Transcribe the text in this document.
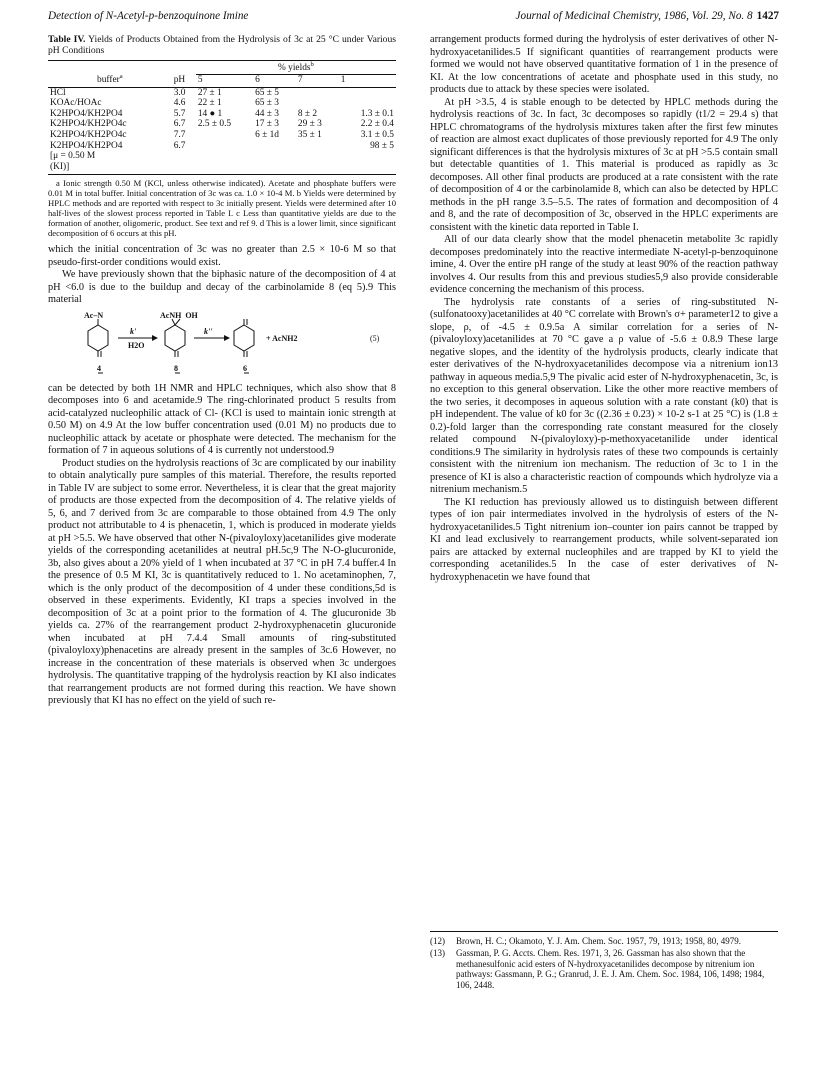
Detection of N-Acetyl-p-benzoquinone Imine	Journal of Medicinal Chemistry, 1986, Vol. 29, No. 8 1427
Table IV. Yields of Products Obtained from the Hydrolysis of 3c at 25 °C under Various pH Conditions

		% yields$^b$
buffer$^a$	pH	5	6	7	1
HCl	3.0	27 ± 1	65 ± 5		
KOAc/HOAc	4.6	22 ± 1	65 ± 3		
K2HPO4/KH2PO4	5.7	14 ● 1	44 ± 3	8 ± 2	1.3 ± 0.1
K2HPO4/KH2PO4c	6.7	2.5 ± 0.5	17 ± 3	29 ± 3	2.2 ± 0.4
K2HPO4/KH2PO4c	7.7		6 ± 1d	35 ± 1	3.1 ± 0.5
K2HPO4/KH2PO4	6.7				98 ± 5
[μ = 0.50 M					
(KI)]					
a Ionic strength 0.50 M (KCl, unless otherwise indicated). Acetate and phosphate buffers were 0.01 M in total buffer. Initial concentration of 3c was ca. 1.0 × 10-4 M. b Yields were determined by HPLC methods and are reported with respect to 3c initially present. Yields were determined after 10 half-lives of the slowest process reported in Table I. c Less than quantitative yields are due to the formation of another, oligomeric, product. See text and ref 9. d This is a lower limit, since significant decomposition of 6 occurs at this pH.

which the initial concentration of 3c was no greater than 2.5 × 10-6 M so that pseudo-first-order conditions would exist.

We have previously shown that the biphasic nature of the decomposition of 4 at pH <6.0 is due to the buildup and decay of the carbinolamide 8 (eq 5).9 This material

Ac–N	AcNH  OH
k'
H2O
k''
+ AcNH2	(5)
4	8	6

can be detected by both 1H NMR and HPLC techniques, which also show that 8 decomposes into 6 and acetamide.9 The ring-chlorinated product 5 results from acid-catalyzed nucleophilic attack of Cl- (KCl is used to maintain ionic strength at 0.50 M) on 4.9 At the low buffer concentration used (0.01 M) no products due to nucleophilic attack by acetate or phosphate were detected. The mechanism for the formation of 7 in aqueous solutions of 4 is currently not understood.9

Product studies on the hydrolysis reactions of 3c are complicated by our inability to obtain analytically pure samples of this material. Therefore, the results reported in Table IV are subject to some error. Nevertheless, it is clear that the great majority of products are those expected from the decomposition of 4. The relative yields of 5, 6, and 7 derived from 3c are comparable to those obtained from 4.9 The only product not attributable to 4 is phenacetin, 1, which is produced in moderate yields at pH >5.5. We have observed that other N-(pivaloyloxy)acetanilides give moderate yields of the corresponding acetanilides at neutral pH.5c,9 The N-O-glucuronide, 3b, also gives about a 20% yield of 1 when incubated at 37 °C in pH 7.4 buffer.4 In the presence of 0.5 M KI, 3c is quantitatively reduced to 1. No acetaminophen, 7, which is the only product of the decomposition of 4 under these conditions,5d is observed in these experiments. Evidently, KI traps a species involved in the decomposition of 3c at a point prior to the formation of 4. The glucuronide 3b yields ca. 27% of the rearrangement product 2-hydroxyphenacetin glucuronide when incubated at pH 7.4.4 Small amounts of ring-substituted (pivaloyloxy)phenacetins are already present in the samples of 3c.6 However, no increase in the concentration of these materials is observed when 3c undergoes hydrolysis. The quantitative trapping of the hydrolysis reaction by KI also indicates that rearrangement products are not formed during this reaction. We have shown previously that KI has no effect on the yield of such re-

arrangement products formed during the hydrolysis of ester derivatives of other N-hydroxyacetanilides.5 If significant quantities of rearrangement products were formed we would not have observed quantitative formation of 1 in the presence of KI. At the low concentrations of acetate and phosphate used in this study, no products due to attack by these species were isolated.

At pH >3.5, 4 is stable enough to be detected by HPLC methods during the hydrolysis reactions of 3c. In fact, 3c decomposes so rapidly (t1/2 = 29.4 s) that HPLC chromatograms of the hydrolysis mixtures taken after the first few minutes of reaction are almost exact duplicates of those previously reported for 4.9 The only significant differences is that the hydrolysis mixtures of 3c at pH >5.5 contain small but detectable quantities of 1. This material is produced as rapidly as 3c decomposes. All other final products are produced at a rate consistent with the rate of decomposition of 4 or the carbinolamide 8, which can also be detected by HPLC methods in the pH range 3.5–5.5. The rates of formation and decomposition of 4 and 8, and the rate of decomposition of 3c, observed in the HPLC experiments are consistent with the kinetic data reported in Table I.

All of our data clearly show that the model phenacetin metabolite 3c rapidly decomposes predominately into the reactive intermediate N-acetyl-p-benzoquinone imine, 4. Over the entire pH range of the study at least 90% of the reaction pathway involves 4. Our results from this and previous studies5,9 also provide considerable evidence concerning the mechanism of this process.

The hydrolysis rate constants of a series of ring-substituted N-(sulfonatooxy)acetanilides at 40 °C correlate with Brown's σ+ parameter12 to give a slope, ρ, of -4.5 ± 0.9.5a A similar correlation for a series of N-(pivaloyloxy)acetanilides at 70 °C gave a ρ value of -5.6 ± 0.8.9 These large negative slopes, and the identity of the hydrolysis products, clearly indicate that ester derivatives of the N-hydroxyacetanilides decompose via a nitrenium ion13 pathway in aqueous media.5,9 The pivalic acid ester of N-hydroxyphenacetin, 3c, is no exception to this general observation. Like the other more reactive members of the two series, it decomposes in aqueous solution with a rate constant (k0) that is pH independent. The value of k0 for 3c ((2.36 ± 0.23) × 10-2 s-1 at 25 °C) is (1.8 ± 0.2)-fold larger than the corresponding rate constant measured for the closely related compound N-(pivaloyloxy)-p-methoxyacetanilide under identical conditions.9 The similarity in hydrolysis rates of these two compounds is certainly consistent with the nitrenium ion mechanism. The reduction of 3c to 1 in the presence of KI is also a characteristic reaction of compounds which hydrolyze via a nitrenium mechanism.5

The KI reduction has previously allowed us to distinguish between different types of ion pair intermediates involved in the hydrolysis of esters of the N-hydroxyacetanilides.5 Tight nitrenium ion–counter ion pairs cannot be trapped by KI and lead exclusively to rearrangement products, while solvent-separated ion pairs are attacked by external nucleophiles and are trapped by KI to yield the corresponding acetanilides.5 In the case of ester derivatives of N-hydroxyphenacetin we have found that

(12) Brown, H. C.; Okamoto, Y. J. Am. Chem. Soc. 1957, 79, 1913; 1958, 80, 4979.
(13) Gassman, P. G. Accts. Chem. Res. 1971, 3, 26. Gassman has also shown that the methanesulfonic acid esters of N-hydroxyacetanilides decompose by nitrenium ion pathways: Gassmann, P. G.; Granrud, J. E. J. Am. Chem. Soc. 1984, 106, 1498; 1984, 106, 2448.
